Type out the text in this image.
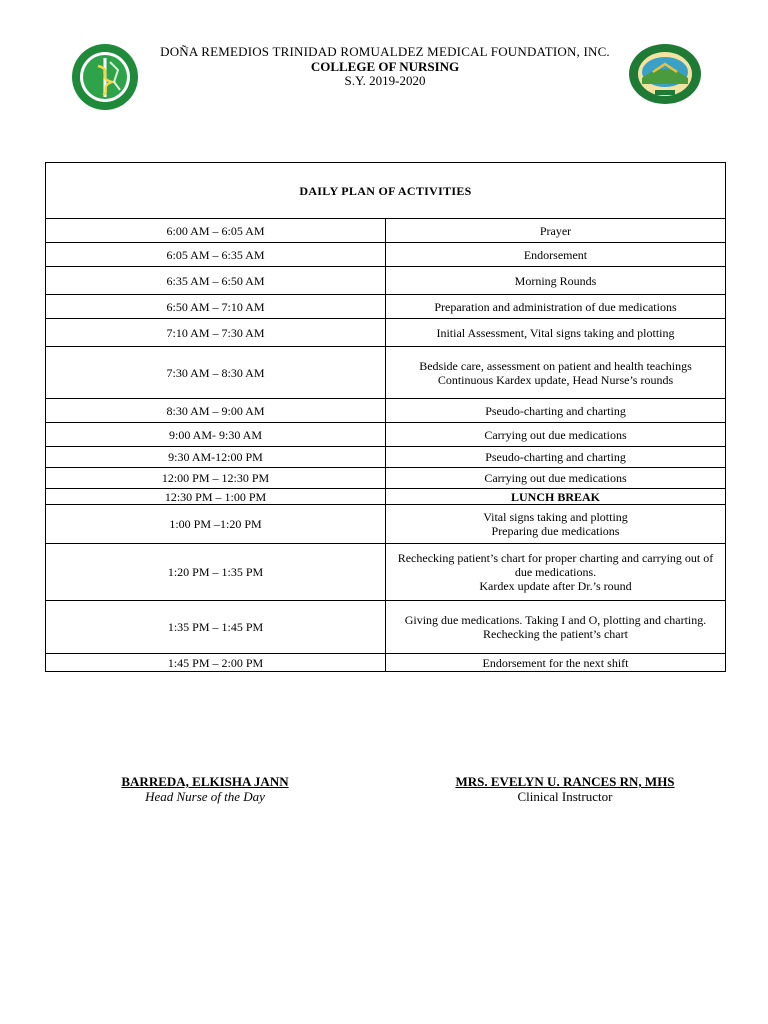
DOÑA REMEDIOS TRINIDAD ROMUALDEZ MEDICAL FOUNDATION, INC.
COLLEGE OF NURSING
S.Y. 2019-2020
DAILY PLAN OF ACTIVITIES	
6:00 AM – 6:05 AM	Prayer

6:05 AM – 6:35 AM	Endorsement

6:35 AM – 6:50 AM	Morning Rounds

6:50 AM – 7:10 AM	Preparation and administration of due medications

7:10 AM – 7:30 AM	Initial Assessment, Vital signs taking and plotting

7:30 AM – 8:30 AM	Bedside care, assessment on patient and health teachings
Continuous Kardex update, Head Nurse’s rounds

8:30 AM – 9:00 AM	Pseudo-charting and charting

9:00 AM- 9:30 AM	Carrying out due medications

9:30 AM-12:00 PM	Pseudo-charting and charting

12:00 PM – 12:30 PM	Carrying out due medications

12:30 PM – 1:00 PM	LUNCH BREAK

1:00 PM –1:20 PM	Vital signs taking and plotting
Preparing due medications

1:20 PM – 1:35 PM	Rechecking patient’s chart for proper charting and carrying out of due medications.
Kardex update after Dr.’s round

1:35 PM – 1:45 PM	Giving due medications. Taking I and O, plotting and charting.
Rechecking the patient’s chart

1:45 PM – 2:00 PM	Endorsement for the next shift
BARREDA, ELKISHA JANN
Head Nurse of the Day
MRS. EVELYN U. RANCES RN, MHS
Clinical Instructor
